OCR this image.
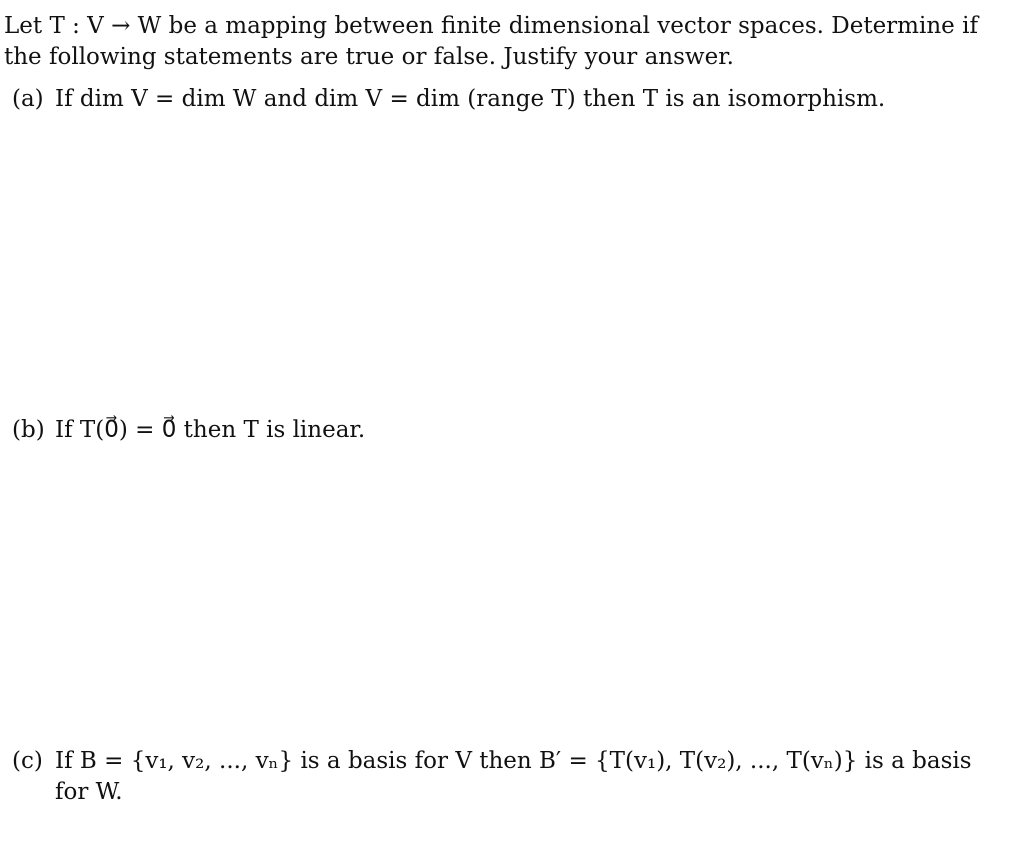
Let T : V → W be a mapping between finite dimensional vector spaces. Determine if
the following statements are true or false. Justify your answer.
(a) If dim V = dim W and dim V = dim (range T) then T is an isomorphism.
(b) If T(0⃗) = 0⃗ then T is linear.
(c) If B = {v₁, v₂, ..., vₙ} is a basis for V then B′ = {T(v₁), T(v₂), ..., T(vₙ)} is a basis
for W.
